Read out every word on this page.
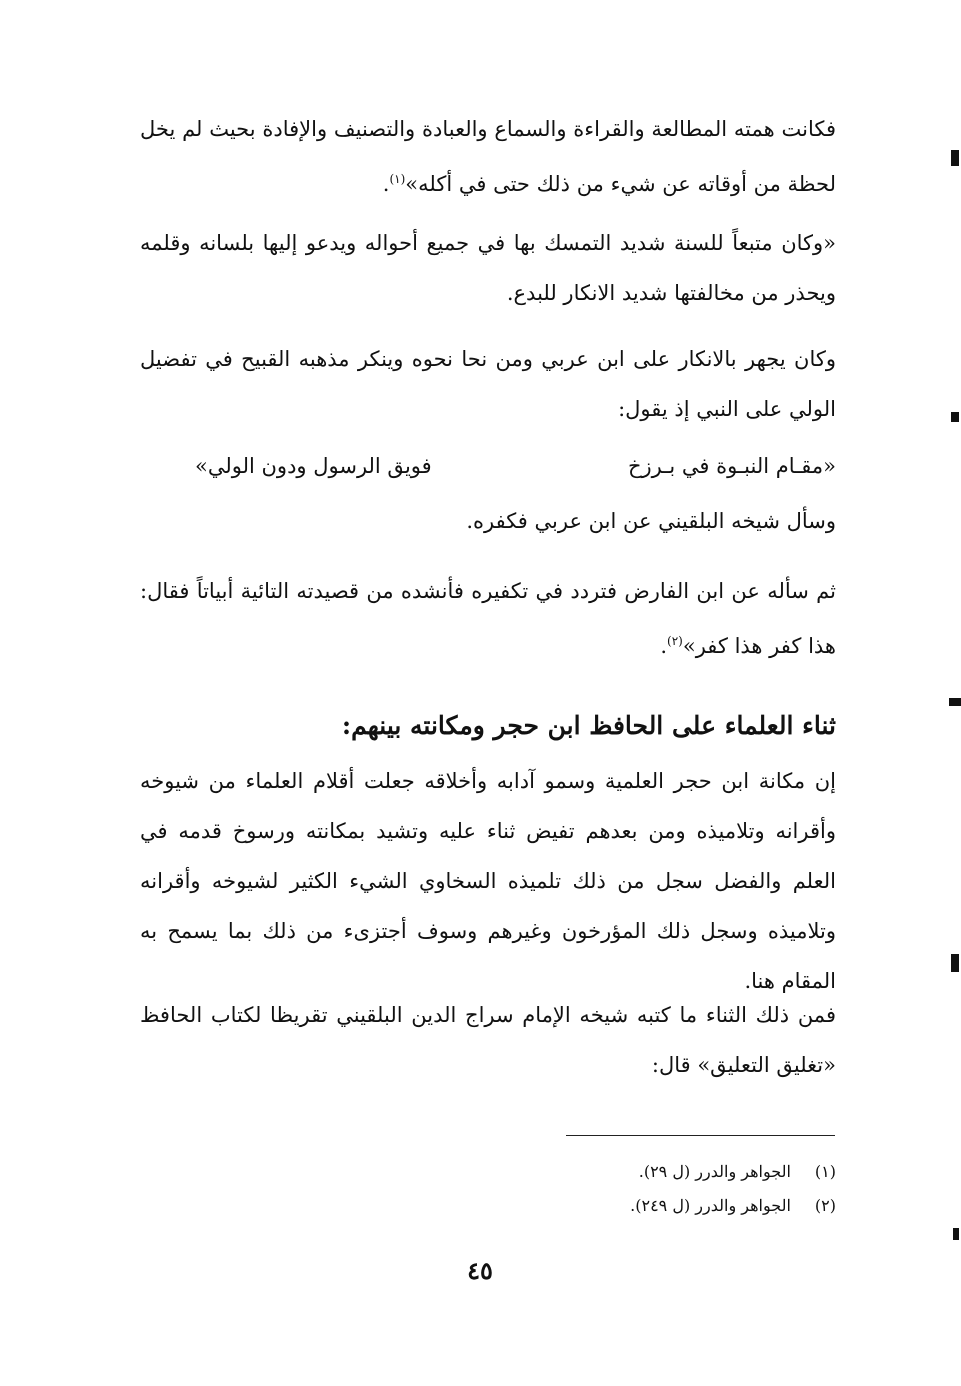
فكانت همته المطالعة والقراءة والسماع والعبادة والتصنيف والإفادة بحيث لم يخل لحظة من أوقاته عن شيء من ذلك حتى في أكله»$^{(١)}$.
«وكان متبعاً للسنة شديد التمسك بها في جميع أحواله ويدعو إليها بلسانه وقلمه ويحذر من مخالفتها شديد الانكار للبدع.
وكان يجهر بالانكار على ابن عربي ومن نحا نحوه وينكر مذهبه القبيح في تفضيل الولي على النبي إذ يقول:
«مقـام النبـوة في بـرزخ
فويق الرسول ودون الولي»
وسأل شيخه البلقيني عن ابن عربي فكفره.
ثم سأله عن ابن الفارض فتردد في تكفيره فأنشده من قصيدته التائية أبياتاً فقال: هذا كفر هذا كفر»$^{(٢)}$.
ثناء العلماء على الحافظ ابن حجر ومكانته بينهم:
إن مكانة ابن حجر العلمية وسمو آدابه وأخلاقه جعلت أقلام العلماء من شيوخه وأقرانه وتلاميذه ومن بعدهم تفيض ثناء عليه وتشيد بمكانته ورسوخ قدمه في العلم والفضل سجل من ذلك تلميذه السخاوي الشيء الكثير لشيوخه وأقرانه وتلاميذه وسجل ذلك المؤرخون وغيرهم وسوف أجتزىء من ذلك بما يسمح به المقام هنا.
فمن ذلك الثناء ما كتبه شيخه الإمام سراج الدين البلقيني تقريظا لكتاب الحافظ «تغليق التعليق» قال:
(١) الجواهر والدرر (ل ٢٩).
(٢) الجواهر والدرر (ل ٢٤٩).
٤٥
